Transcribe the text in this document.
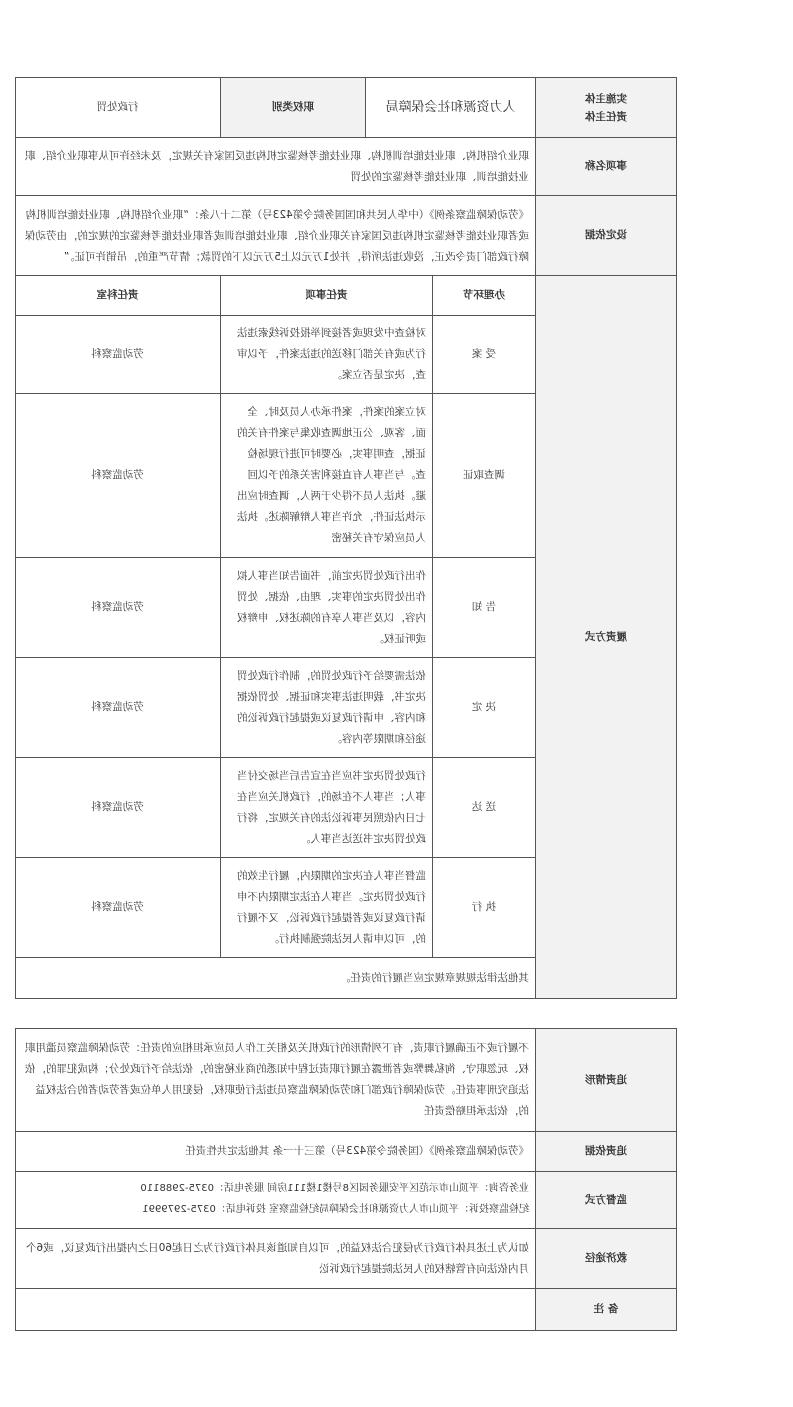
实施主体
责任主体
人力资源和社会保障局
职权类别
行政处罚
事项名称
职业介绍机构、职业技能培训机构、职业技能考核鉴定机构违反国家有关规定，及未经许可从事职业介绍、职业技能培训、职业技能考核鉴定的处罚
设定依据
《劳动保障监察条例》（中华人民共和国国务院令第423号）第二十八条：“职业介绍机构、职业技能培训机构或者职业技能考核鉴定机构违反国家有关职业介绍、职业技能培训或者职业技能考核鉴定的规定的，由劳动保障行政部门责令改正，没收违法所得，并处1万元以上5万元以下的罚款；情节严重的，吊销许可证。”
履责方式
办理环节
责任事项
责任科室
受 案
对检查中发现或者接到举报投诉线索违法行为或有关部门移送的违法案件，予以审查，决定是否立案。
劳动监察科
调查取证
对立案的案件，案件承办人员及时、全面、客观、公正地调查收集与案件有关的证据，查明事实，必要时可进行现场检查。与当事人有直接利害关系的予以回避。执法人员不得少于两人，调查时应出示执法证件，允许当事人辩解陈述。执法人员应保守有关秘密
劳动监察科
告 知
作出行政处罚决定前，书面告知当事人拟作出处罚决定的事实、理由、依据、处罚内容，以及当事人享有的陈述权、申辩权或听证权。
劳动监察科
决 定
依法需要给予行政处罚的，制作行政处罚决定书，载明违法事实和证据、处罚依据和内容、申请行政复议或提起行政诉讼的途径和期限等内容。
劳动监察科
送 达
行政处罚决定书应当在宣告后当场交付当事人；当事人不在场的，行政机关应当在七日内依照民事诉讼法的有关规定，将行政处罚决定书送达当事人。
劳动监察科
执 行
监督当事人在决定的期限内，履行生效的行政处罚决定。当事人在法定期限内不申请行政复议或者提起行政诉讼，又不履行的，可以申请人民法院强制执行。
劳动监察科
其他法律法规规章规定应当履行的责任。
追责情形
不履行或不正确履行职责，有下列情形的行政机关及相关工作人员应承担相应的责任：劳动保障监察员滥用职权、玩忽职守、徇私舞弊或者泄露在履行职责过程中知悉的商业秘密的，依法给予行政处分；构成犯罪的，依法追究刑事责任。劳动保障行政部门和劳动保障监察员违法行使职权，侵犯用人单位或者劳动者的合法权益的，依法承担赔偿责任
追责依据
《劳动保障监察条例》（国务院令第423号）第三十一条 其他法定共性责任
监督方式
业务咨询：平顶山市示范区平安服务园区8号楼1楼111房间 服务电话：0375-2988110
纪检监察投诉：平顶山市人力资源和社会保障局纪检监察室 投诉电话：0375-2979991
救济途径
如认为上述具体行政行为侵犯合法权益的，可以自知道该具体行政行为之日起60日之内提出行政复议，或6个月内依法向有管辖权的人民法院提起行政诉讼
备 注
